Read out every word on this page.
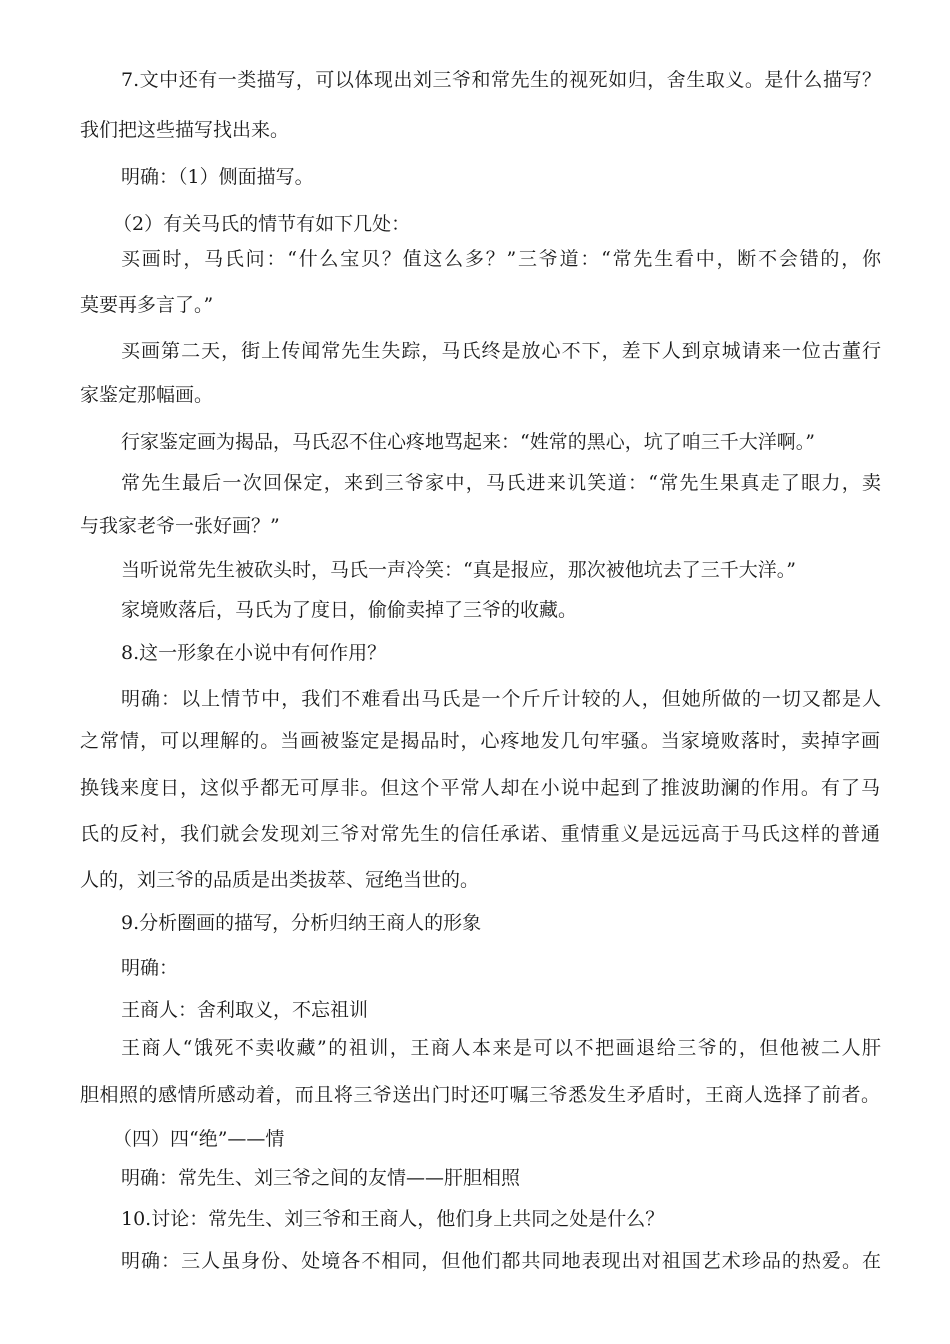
7.文中还有一类描写，可以体现出刘三爷和常先生的视死如归，舍生取义。是什么描写？
我们把这些描写找出来。
明确：（1）侧面描写。
（2）有关马氏的情节有如下几处：
买画时，马氏问：“什么宝贝？值这么多？”三爷道：“常先生看中，断不会错的，你
莫要再多言了。”
买画第二天，街上传闻常先生失踪，马氏终是放心不下，差下人到京城请来一位古董行
家鉴定那幅画。
行家鉴定画为揭品，马氏忍不住心疼地骂起来：“姓常的黑心，坑了咱三千大洋啊。”
常先生最后一次回保定，来到三爷家中，马氏进来讥笑道：“常先生果真走了眼力，卖
与我家老爷一张好画？”
当听说常先生被砍头时，马氏一声冷笑：“真是报应，那次被他坑去了三千大洋。”
家境败落后，马氏为了度日，偷偷卖掉了三爷的收藏。
8.这一形象在小说中有何作用？
明确：以上情节中，我们不难看出马氏是一个斤斤计较的人，但她所做的一切又都是人
之常情，可以理解的。当画被鉴定是揭品时，心疼地发几句牢骚。当家境败落时，卖掉字画
换钱来度日，这似乎都无可厚非。但这个平常人却在小说中起到了推波助澜的作用。有了马
氏的反衬，我们就会发现刘三爷对常先生的信任承诺、重情重义是远远高于马氏这样的普通
人的，刘三爷的品质是出类拔萃、冠绝当世的。
9.分析圈画的描写，分析归纳王商人的形象
明确：
王商人：舍利取义，不忘祖训
王商人“饿死不卖收藏”的祖训，王商人本来是可以不把画退给三爷的，但他被二人肝
胆相照的感情所感动着，而且将三爷送出门时还叮嘱三爷悉发生矛盾时，王商人选择了前者。
（四）四“绝”——情
明确：常先生、刘三爷之间的友情——肝胆相照
10.讨论：常先生、刘三爷和王商人，他们身上共同之处是什么？
明确：三人虽身份、处境各不相同，但他们都共同地表现出对祖国艺术珍品的热爱。在
